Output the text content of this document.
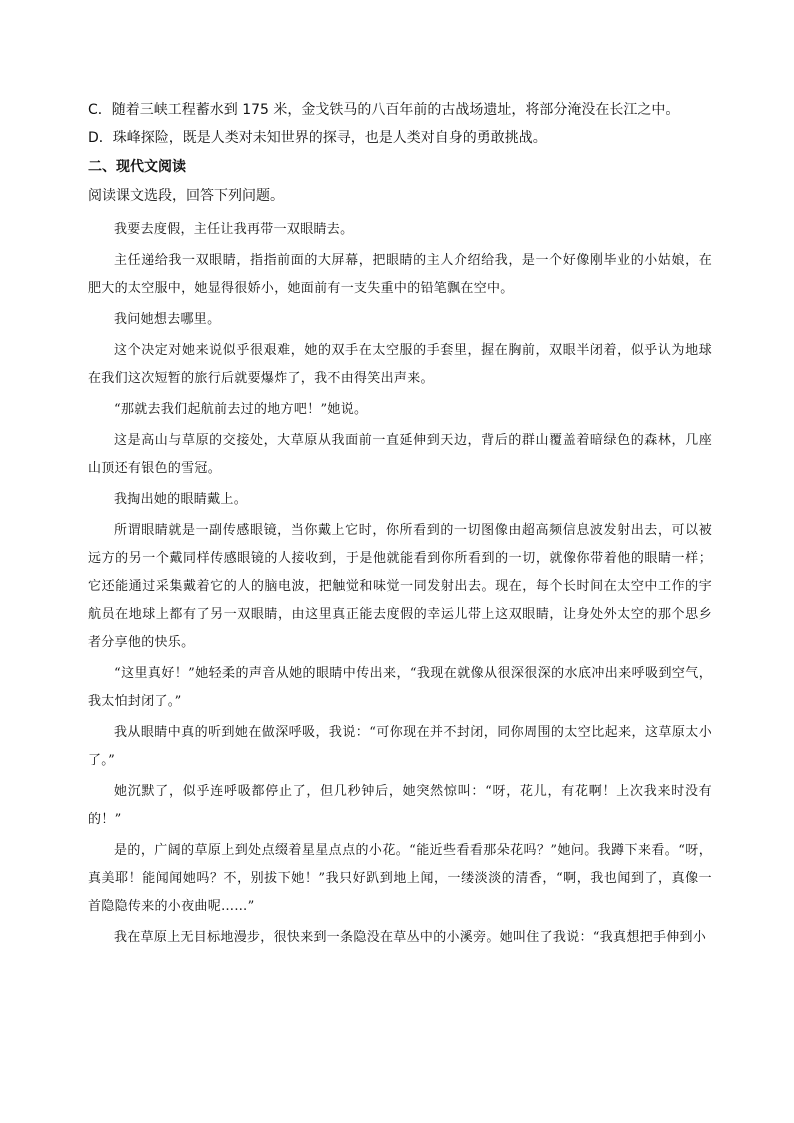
C．随着三峡工程蓄水到 175 米，金戈铁马的八百年前的古战场遗址，将部分淹没在长江之中。

D．珠峰探险，既是人类对未知世界的探寻，也是人类对自身的勇敢挑战。

二、现代文阅读

阅读课文选段，回答下列问题。

我要去度假，主任让我再带一双眼睛去。

主任递给我一双眼睛，指指前面的大屏幕，把眼睛的主人介绍给我，是一个好像刚毕业的小姑娘，在肥大的太空服中，她显得很娇小，她面前有一支失重中的铅笔飘在空中。

我问她想去哪里。

这个决定对她来说似乎很艰难，她的双手在太空服的手套里，握在胸前，双眼半闭着，似乎认为地球在我们这次短暂的旅行后就要爆炸了，我不由得笑出声来。

“那就去我们起航前去过的地方吧！”她说。

这是高山与草原的交接处，大草原从我面前一直延伸到天边，背后的群山覆盖着暗绿色的森林，几座山顶还有银色的雪冠。

我掏出她的眼睛戴上。

所谓眼睛就是一副传感眼镜，当你戴上它时，你所看到的一切图像由超高频信息波发射出去，可以被远方的另一个戴同样传感眼镜的人接收到，于是他就能看到你所看到的一切，就像你带着他的眼睛一样；它还能通过采集戴着它的人的脑电波，把触觉和味觉一同发射出去。现在，每个长时间在太空中工作的宇航员在地球上都有了另一双眼睛，由这里真正能去度假的幸运儿带上这双眼睛，让身处外太空的那个思乡者分享他的快乐。

“这里真好！”她轻柔的声音从她的眼睛中传出来，“我现在就像从很深很深的水底冲出来呼吸到空气，我太怕封闭了。”

我从眼睛中真的听到她在做深呼吸，我说：“可你现在并不封闭，同你周围的太空比起来，这草原太小了。”

她沉默了，似乎连呼吸都停止了，但几秒钟后，她突然惊叫：“呀，花儿，有花啊！上次我来时没有的！”

是的，广阔的草原上到处点缀着星星点点的小花。“能近些看看那朵花吗？”她问。我蹲下来看。“呀，真美耶！能闻闻她吗？不，别拔下她！”我只好趴到地上闻，一缕淡淡的清香，“啊，我也闻到了，真像一首隐隐传来的小夜曲呢……”

我在草原上无目标地漫步，很快来到一条隐没在草丛中的小溪旁。她叫住了我说：“我真想把手伸到小
